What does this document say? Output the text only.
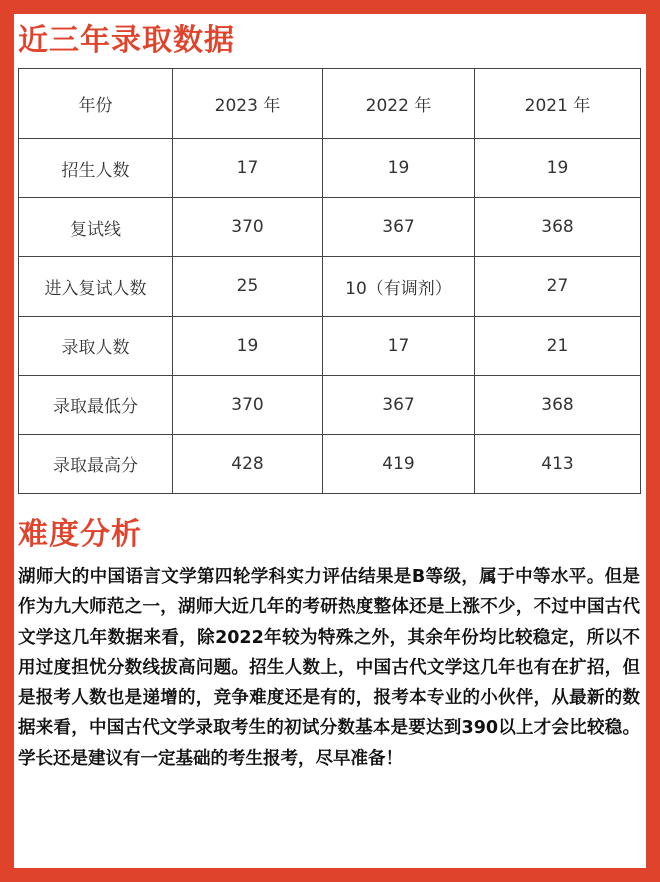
近三年录取数据
年份	2023 年	2022 年	2021 年
招生人数	17	19	19
复试线	370	367	368
进入复试人数	25	10（有调剂）	27
录取人数	19	17	21
录取最低分	370	367	368
录取最高分	428	419	413
难度分析
湖师大的中国语言文学第四轮学科实力评估结果是B等级，属于中等水平。但是作为九大师范之一，湖师大近几年的考研热度整体还是上涨不少，不过中国古代文学这几年数据来看，除2022年较为特殊之外，其余年份均比较稳定，所以不用过度担忧分数线拔高问题。招生人数上，中国古代文学这几年也有在扩招，但是报考人数也是递增的，竞争难度还是有的，报考本专业的小伙伴，从最新的数据来看，中国古代文学录取考生的初试分数基本是要达到390以上才会比较稳。学长还是建议有一定基础的考生报考，尽早准备！
